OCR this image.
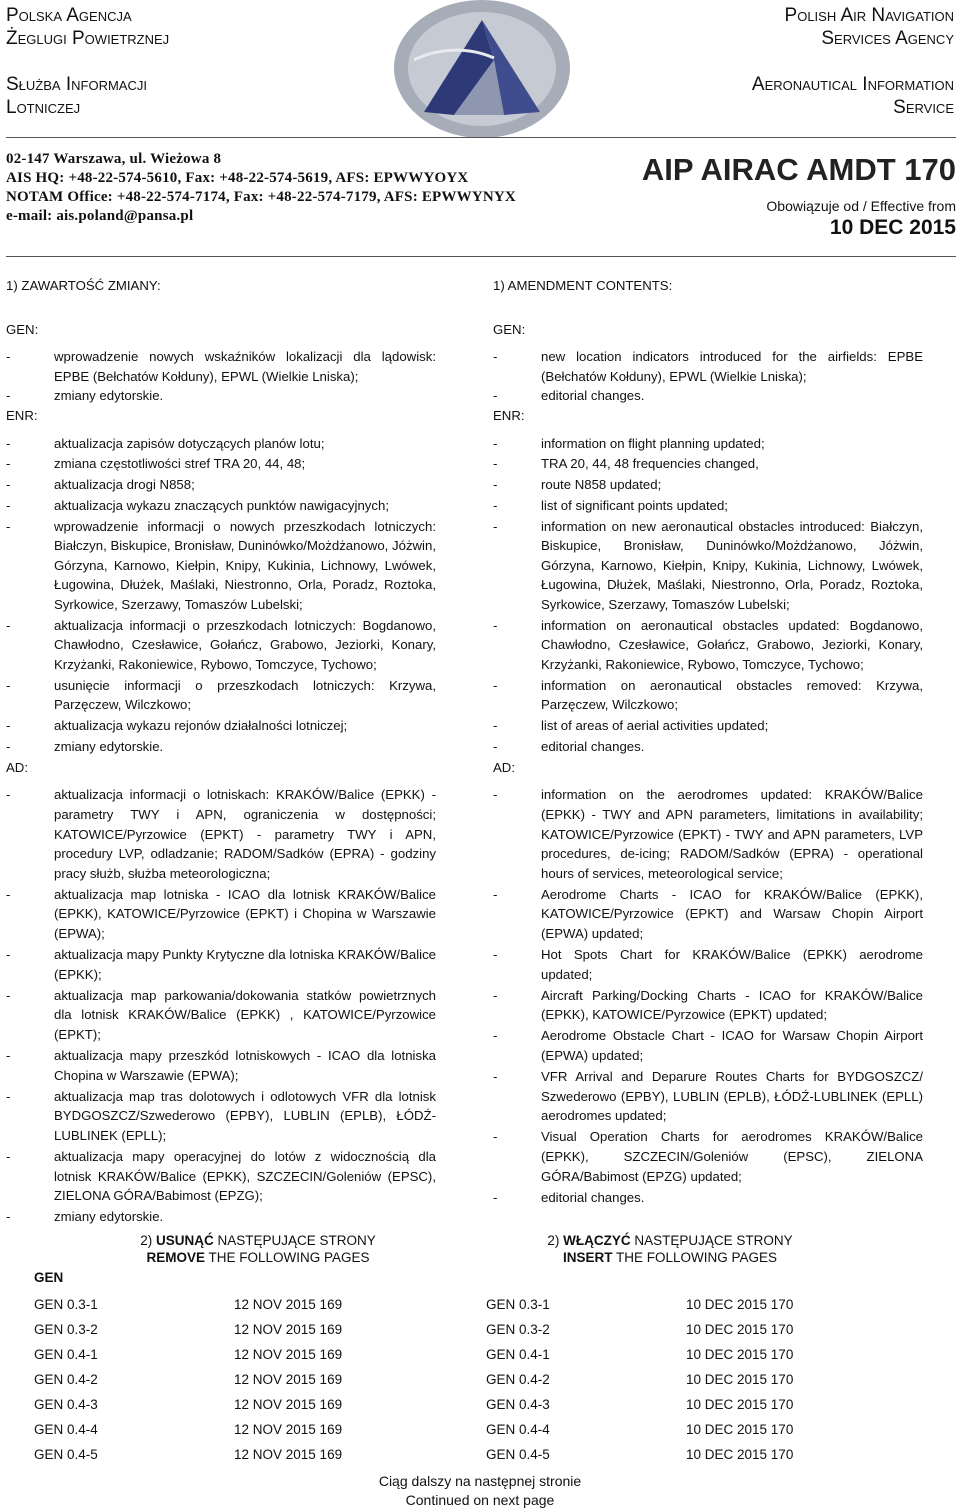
Polska Agencja
Żeglugi Powietrznej
Służba Informacji
Lotniczej
Polish Air Navigation
Services Agency
Aeronautical Information
Service
02-147 Warszawa, ul. Wieżowa 8
AIS HQ: +48-22-574-5610, Fax: +48-22-574-5619, AFS: EPWWYOYX
NOTAM Office: +48-22-574-7174, Fax: +48-22-574-7179, AFS: EPWWYNYX
e-mail: ais.poland@pansa.pl
AIP AIRAC AMDT 170
Obowiązuje od / Effective from
10 DEC 2015
1) ZAWARTOŚĆ ZMIANY:
GEN:
-	wprowadzenie nowych wskaźników lokalizacji dla lądowisk: EPBE (Bełchatów Kołduny), EPWL (Wielkie Lniska);
-	zmiany edytorskie.
ENR:
-	aktualizacja zapisów dotyczących planów lotu;
-	zmiana częstotliwości stref TRA 20, 44, 48;
-	aktualizacja drogi N858;
-	aktualizacja wykazu znaczących punktów nawigacyjnych;
-	wprowadzenie informacji o nowych przeszkodach lotniczych: Białczyn, Biskupice, Bronisław, Duninówko/Możdżanowo, Jóżwin, Górzyna, Karnowo, Kiełpin, Knipy, Kukinia, Lichnowy, Lwówek, Ługowina, Dłużek, Maślaki, Niestronno, Orla, Poradz, Roztoka, Syrkowice, Szerzawy, Tomaszów Lubelski;
-	aktualizacja informacji o przeszkodach lotniczych: Bogdanowo, Chawłodno, Czesławice, Gołańcz, Grabowo, Jeziorki, Konary, Krzyżanki, Rakoniewice, Rybowo, Tomczyce, Tychowo;
-	usunięcie informacji o przeszkodach lotniczych: Krzywa, Parzęczew, Wilczkowo;
-	aktualizacja wykazu rejonów działalności lotniczej;
-	zmiany edytorskie.
AD:
-	aktualizacja informacji o lotniskach: KRAKÓW/Balice (EPKK) - parametry TWY i APN, ograniczenia w dostępności; KATOWICE/Pyrzowice (EPKT) - parametry TWY i APN, procedury LVP, odladzanie; RADOM/Sadków (EPRA) - godziny pracy służb, służba meteorologiczna;
-	aktualizacja map lotniska - ICAO dla lotnisk KRAKÓW/Balice (EPKK), KATOWICE/Pyrzowice (EPKT) i Chopina w Warszawie (EPWA);
-	aktualizacja mapy Punkty Krytyczne dla lotniska KRAKÓW/Balice (EPKK);
-	aktualizacja map parkowania/dokowania statków powietrznych dla lotnisk KRAKÓW/Balice (EPKK) , KATOWICE/Pyrzowice (EPKT);
-	aktualizacja mapy przeszkód lotniskowych - ICAO dla lotniska Chopina w Warszawie (EPWA);
-	aktualizacja map tras dolotowych i odlotowych VFR dla lotnisk BYDGOSZCZ/Szwederowo (EPBY), LUBLIN (EPLB), ŁÓDŹ-LUBLINEK (EPLL);
-	aktualizacja mapy operacyjnej do lotów z widocznością dla lotnisk KRAKÓW/Balice (EPKK), SZCZECIN/Goleniów (EPSC), ZIELONA GÓRA/Babimost (EPZG);
-	zmiany edytorskie.
1) AMENDMENT CONTENTS:
GEN:
-	new location indicators introduced for the airfields: EPBE (Bełchatów Kołduny), EPWL (Wielkie Lniska);
-	editorial changes.
ENR:
-	information on flight planning updated;
-	TRA 20, 44, 48 frequencies changed,
-	route N858 updated;
-	list of significant points updated;
-	information on new aeronautical obstacles introduced: Białczyn, Biskupice, Bronisław, Duninówko/Możdżanowo, Jóżwin, Górzyna, Karnowo, Kiełpin, Knipy, Kukinia, Lichnowy, Lwówek, Ługowina, Dłużek, Maślaki, Niestronno, Orla, Poradz, Roztoka, Syrkowice, Szerzawy, Tomaszów Lubelski;
-	information on aeronautical obstacles updated: Bogdanowo, Chawłodno, Czesławice, Gołańcz, Grabowo, Jeziorki, Konary, Krzyżanki, Rakoniewice, Rybowo, Tomczyce, Tychowo;
-	information on aeronautical obstacles removed: Krzywa, Parzęczew, Wilczkowo;
-	list of areas of aerial activities updated;
-	editorial changes.
AD:
-	information on the aerodromes updated: KRAKÓW/Balice (EPKK) - TWY and APN parameters, limitations in availability; KATOWICE/Pyrzowice (EPKT) - TWY and APN parameters, LVP procedures, de-icing; RADOM/Sadków (EPRA) - operational hours of services, meteorological service;
-	Aerodrome Charts - ICAO for KRAKÓW/Balice (EPKK), KATOWICE/Pyrzowice (EPKT) and Warsaw Chopin Airport (EPWA) updated;
-	Hot Spots Chart for KRAKÓW/Balice (EPKK) aerodrome updated;
-	Aircraft Parking/Docking Charts - ICAO for KRAKÓW/Balice (EPKK), KATOWICE/Pyrzowice (EPKT) updated;
-	Aerodrome Obstacle Chart - ICAO for Warsaw Chopin Airport (EPWA) updated;
-	VFR Arrival and Deparure Routes Charts for BYDGOSZCZ/ Szwederowo (EPBY), LUBLIN (EPLB), ŁÓDŹ-LUBLINEK (EPLL) aerodromes updated;
-	Visual Operation Charts for aerodromes KRAKÓW/Balice (EPKK), SZCZECIN/Goleniów (EPSC), ZIELONA GÓRA/Babimost (EPZG) updated;
-	editorial changes.
2) USUNĄĆ NASTĘPUJĄCE STRONY
REMOVE THE FOLLOWING PAGES
2) WŁĄCZYĆ NASTĘPUJĄCE STRONY
INSERT THE FOLLOWING PAGES
GEN
GEN 0.3-1	12 NOV 2015 169
GEN 0.3-2	12 NOV 2015 169
GEN 0.4-1	12 NOV 2015 169
GEN 0.4-2	12 NOV 2015 169
GEN 0.4-3	12 NOV 2015 169
GEN 0.4-4	12 NOV 2015 169
GEN 0.4-5	12 NOV 2015 169
GEN 0.3-1	10 DEC 2015 170
GEN 0.3-2	10 DEC 2015 170
GEN 0.4-1	10 DEC 2015 170
GEN 0.4-2	10 DEC 2015 170
GEN 0.4-3	10 DEC 2015 170
GEN 0.4-4	10 DEC 2015 170
GEN 0.4-5	10 DEC 2015 170
Ciąg dalszy na następnej stronie
Continued on next page
